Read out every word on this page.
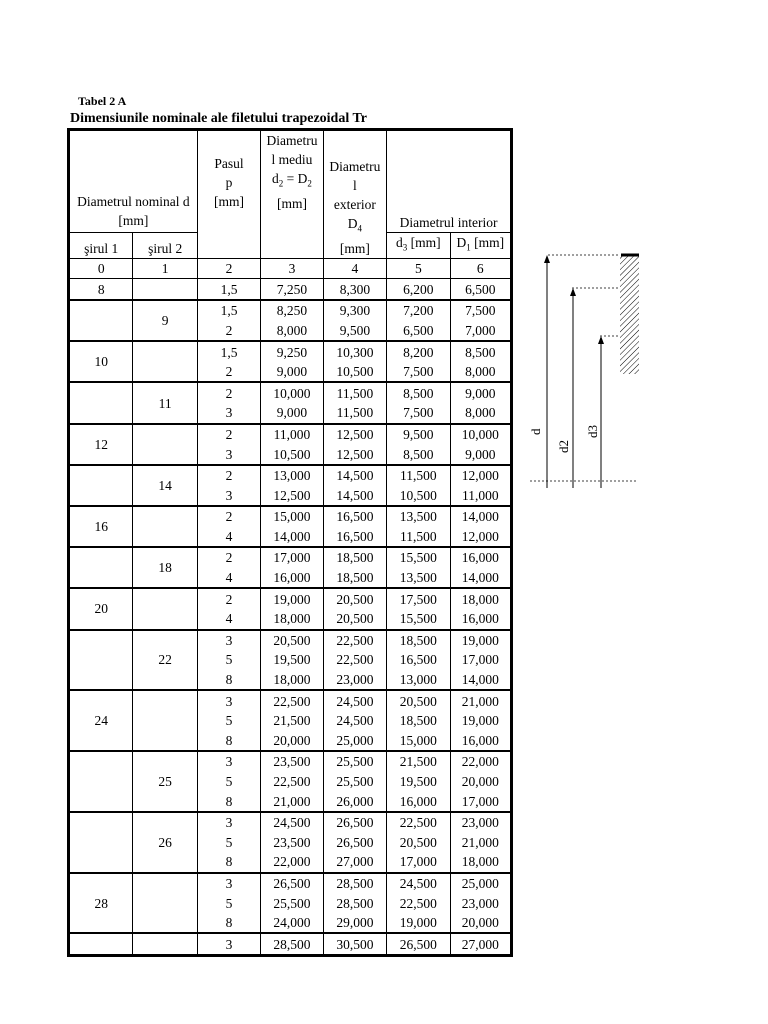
Tabel 2 A
Dimensiunile nominale ale filetului trapezoidal Tr
Diametrul nominal d [mm]		Pasul
p
[mm]	Diametru
l mediu
$d_2 = D_2$
[mm]	Diametru
l
exterior
$D_4$
[mm]	Diametrul interior	

şirul 1	şirul 2				$d_3$ [mm]	$D_1$ [mm]
0	1	2	3	4	5	6
8		1,5	7,250	8,300	6,200	6,500
	9	1,5	8,250	9,300	7,200	7,500
		2	8,000	9,500	6,500	7,000
10		1,5	9,250	10,300	8,200	8,500
		2	9,000	10,500	7,500	8,000
	11	2	10,000	11,500	8,500	9,000
		3	9,000	11,500	7,500	8,000
12		2	11,000	12,500	9,500	10,000
		3	10,500	12,500	8,500	9,000
	14	2	13,000	14,500	11,500	12,000
		3	12,500	14,500	10,500	11,000
16		2	15,000	16,500	13,500	14,000
		4	14,000	16,500	11,500	12,000
	18	2	17,000	18,500	15,500	16,000
		4	16,000	18,500	13,500	14,000
20		2	19,000	20,500	17,500	18,000
		4	18,000	20,500	15,500	16,000
	22	3	20,500	22,500	18,500	19,000
		5	19,500	22,500	16,500	17,000
		8	18,000	23,000	13,000	14,000
24		3	22,500	24,500	20,500	21,000
		5	21,500	24,500	18,500	19,000
		8	20,000	25,000	15,000	16,000
	25	3	23,500	25,500	21,500	22,000
		5	22,500	25,500	19,500	20,000
		8	21,000	26,000	16,000	17,000
	26	3	24,500	26,500	22,500	23,000
		5	23,500	26,500	20,500	21,000
		8	22,000	27,000	17,000	18,000
28		3	26,500	28,500	24,500	25,000
		5	25,500	28,500	22,500	23,000
		8	24,000	29,000	19,000	20,000
		3	28,500	30,500	26,500	27,000
d
d2
d3
